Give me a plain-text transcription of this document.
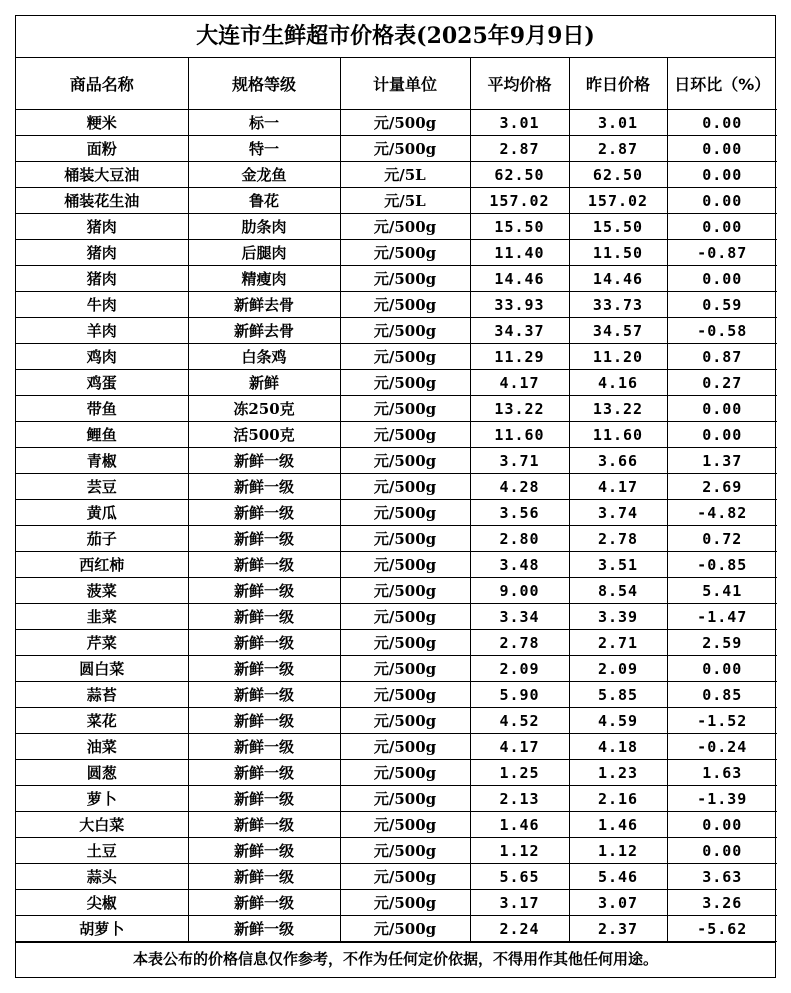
大连市生鲜超市价格表(2025年9月9日)
商品名称	规格等级	计量单位	平均价格	昨日价格	日环比（%）
粳米	标一	元/500g	3.01	3.01	0.00
面粉	特一	元/500g	2.87	2.87	0.00
桶装大豆油	金龙鱼	元/5L	62.50	62.50	0.00
桶装花生油	鲁花	元/5L	157.02	157.02	0.00
猪肉	肋条肉	元/500g	15.50	15.50	0.00
猪肉	后腿肉	元/500g	11.40	11.50	-0.87
猪肉	精瘦肉	元/500g	14.46	14.46	0.00
牛肉	新鲜去骨	元/500g	33.93	33.73	0.59
羊肉	新鲜去骨	元/500g	34.37	34.57	-0.58
鸡肉	白条鸡	元/500g	11.29	11.20	0.87
鸡蛋	新鲜	元/500g	4.17	4.16	0.27
带鱼	冻250克	元/500g	13.22	13.22	0.00
鲤鱼	活500克	元/500g	11.60	11.60	0.00
青椒	新鲜一级	元/500g	3.71	3.66	1.37
芸豆	新鲜一级	元/500g	4.28	4.17	2.69
黄瓜	新鲜一级	元/500g	3.56	3.74	-4.82
茄子	新鲜一级	元/500g	2.80	2.78	0.72
西红柿	新鲜一级	元/500g	3.48	3.51	-0.85
菠菜	新鲜一级	元/500g	9.00	8.54	5.41
韭菜	新鲜一级	元/500g	3.34	3.39	-1.47
芹菜	新鲜一级	元/500g	2.78	2.71	2.59
圆白菜	新鲜一级	元/500g	2.09	2.09	0.00
蒜苔	新鲜一级	元/500g	5.90	5.85	0.85
菜花	新鲜一级	元/500g	4.52	4.59	-1.52
油菜	新鲜一级	元/500g	4.17	4.18	-0.24
圆葱	新鲜一级	元/500g	1.25	1.23	1.63
萝卜	新鲜一级	元/500g	2.13	2.16	-1.39
大白菜	新鲜一级	元/500g	1.46	1.46	0.00
土豆	新鲜一级	元/500g	1.12	1.12	0.00
蒜头	新鲜一级	元/500g	5.65	5.46	3.63
尖椒	新鲜一级	元/500g	3.17	3.07	3.26
胡萝卜	新鲜一级	元/500g	2.24	2.37	-5.62
本表公布的价格信息仅作参考，不作为任何定价依据，不得用作其他任何用途。
